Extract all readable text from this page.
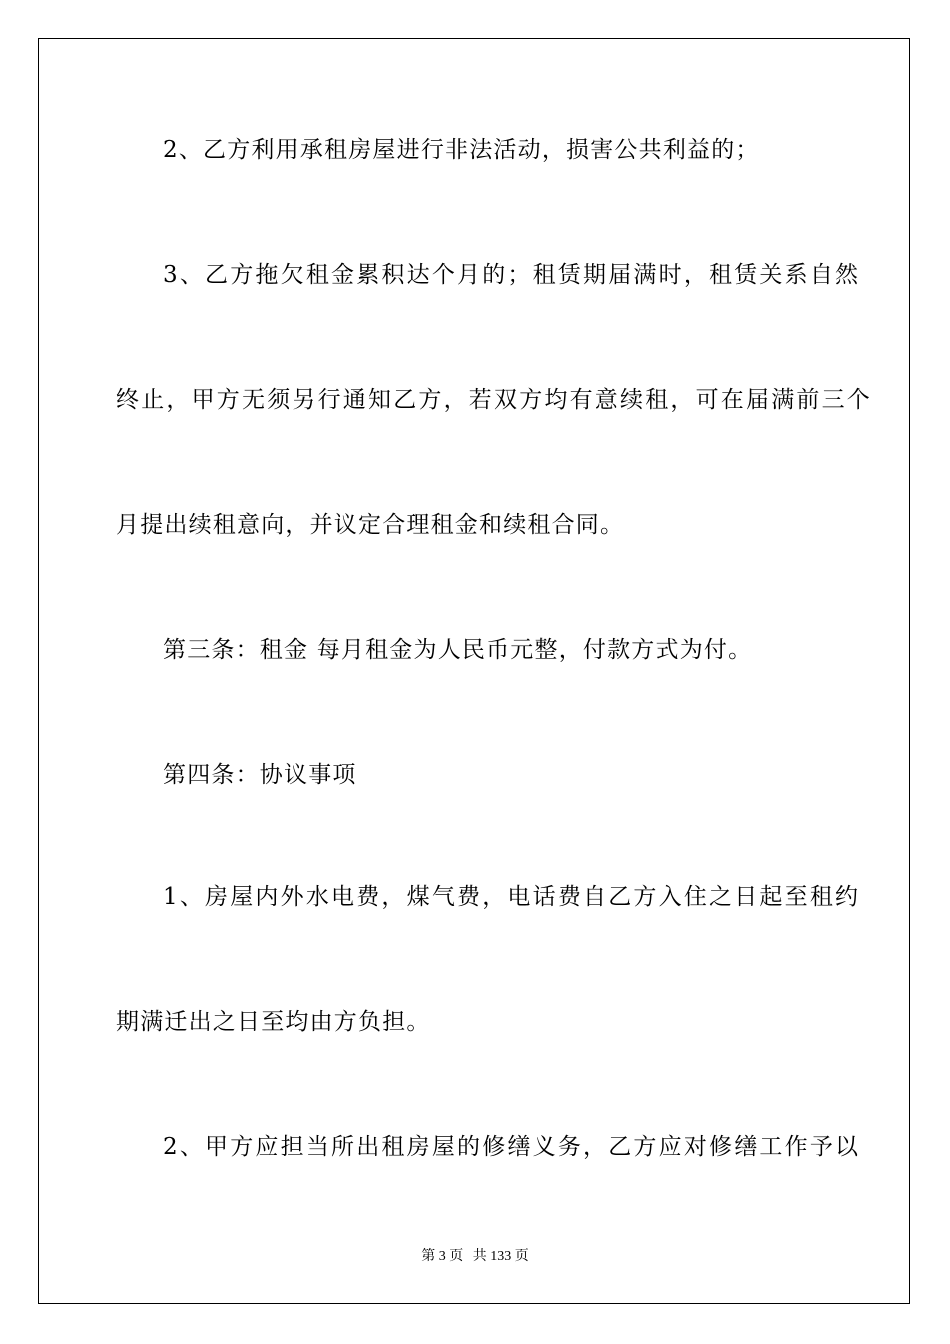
2、乙方利用承租房屋进行非法活动，损害公共利益的；
3、乙方拖欠租金累积达个月的；租赁期届满时，租赁关系自然
终止，甲方无须另行通知乙方，若双方均有意续租，可在届满前三个
月提出续租意向，并议定合理租金和续租合同。
第三条：租金 每月租金为人民币元整，付款方式为付。
第四条：协议事项
1、房屋内外水电费，煤气费，电话费自乙方入住之日起至租约
期满迁出之日至均由方负担。
2、甲方应担当所出租房屋的修缮义务，乙方应对修缮工作予以
第 3 页 共 133 页
